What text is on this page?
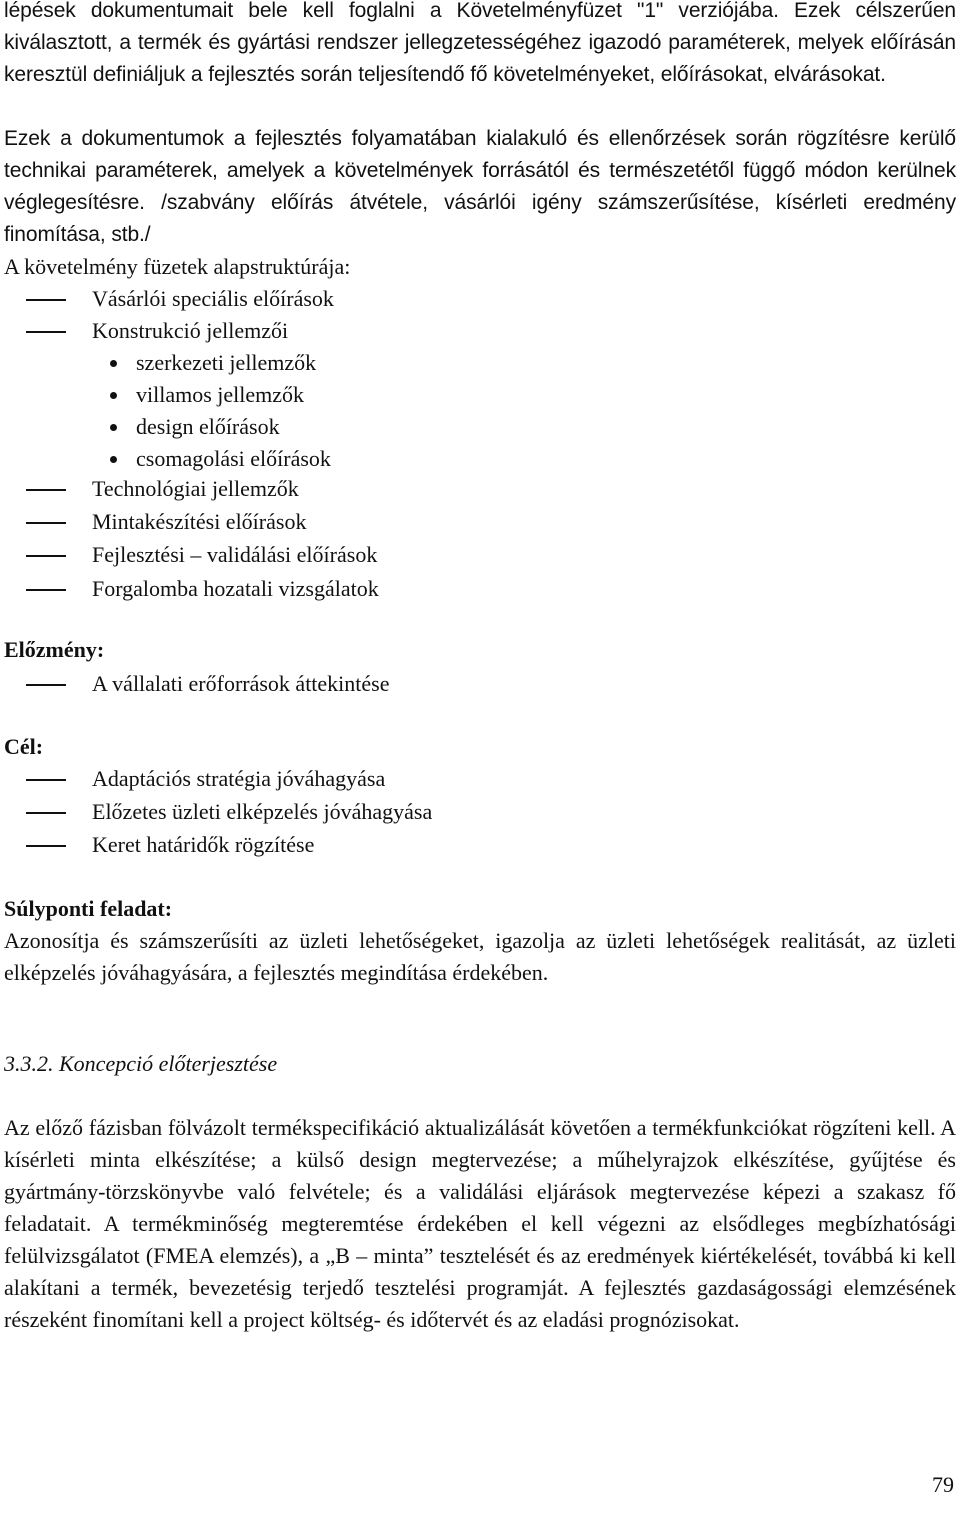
lépések dokumentumait bele kell foglalni a Követelményfüzet "1" verziójába. Ezek célszerűen kiválasztott, a termék és gyártási rendszer jellegzetességéhez igazodó paraméterek, melyek előírásán keresztül definiáljuk a fejlesztés során teljesítendő fő követelményeket, előírásokat, elvárásokat.

Ezek a dokumentumok a fejlesztés folyamatában kialakuló és ellenőrzések során rögzítésre kerülő technikai paraméterek, amelyek a követelmények forrásától és természetétől függő módon kerülnek véglegesítésre. /szabvány előírás átvétele, vásárlói igény számszerűsítése, kísérleti eredmény finomítása, stb./

A követelmény füzetek alapstruktúrája:

Vásárlói speciális előírások
Konstrukció jellemzői
szerkezeti jellemzők
villamos jellemzők
design előírások
csomagolási előírások
Technológiai jellemzők
Mintakészítési előírások
Fejlesztési – validálási előírások
Forgalomba hozatali vizsgálatok

Előzmény:

A vállalati erőforrások áttekintése

Cél:

Adaptációs stratégia jóváhagyása
Előzetes üzleti elképzelés jóváhagyása
Keret határidők rögzítése

Súlyponti feladat:

Azonosítja és számszerűsíti az üzleti lehetőségeket, igazolja az üzleti lehetőségek realitását, az üzleti elképzelés jóváhagyására, a fejlesztés megindítása érdekében.

3.3.2. Koncepció előterjesztése

Az előző fázisban fölvázolt termékspecifikáció aktualizálását követően a termékfunkciókat rögzíteni kell. A kísérleti minta elkészítése; a külső design megtervezése; a műhelyrajzok elkészítése, gyűjtése és gyártmány-törzskönyvbe való felvétele; és a validálási eljárások megtervezése képezi a szakasz fő feladatait. A termékminőség megteremtése érdekében el kell végezni az elsődleges megbízhatósági felülvizsgálatot (FMEA elemzés), a „B – minta” tesztelését és az eredmények kiértékelését, továbbá ki kell alakítani a termék, bevezetésig terjedő tesztelési programját. A fejlesztés gazdaságossági elemzésének részeként finomítani kell a project költség- és időtervét és az eladási prognózisokat.

79
